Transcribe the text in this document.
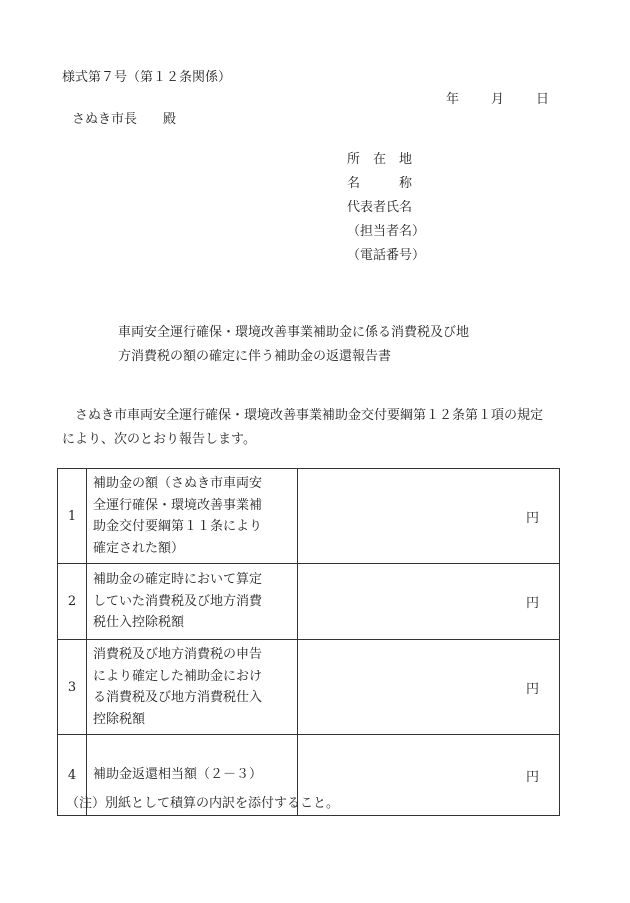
様式第７号（第１２条関係）
年 月 日
さぬき市長　　殿
所　在　地
名　　　称
代表者氏名
（担当者名）
（電話番号）
車両安全運行確保・環境改善事業補助金に係る消費税及び地
方消費税の額の確定に伴う補助金の返還報告書
さぬき市車両安全運行確保・環境改善事業補助金交付要綱第１２条第１項の規定
により、次のとおり報告します。
1	補助金の額（さぬき市車両安
全運行確保・環境改善事業補
助金交付要綱第１１条により
確定された額）	円
2	補助金の確定時において算定
していた消費税及び地方消費
税仕入控除税額	円
3	消費税及び地方消費税の申告
により確定した補助金におけ
る消費税及び地方消費税仕入
控除税額	円
4	補助金返還相当額（２－３）	円
（注）別紙として積算の内訳を添付すること。
